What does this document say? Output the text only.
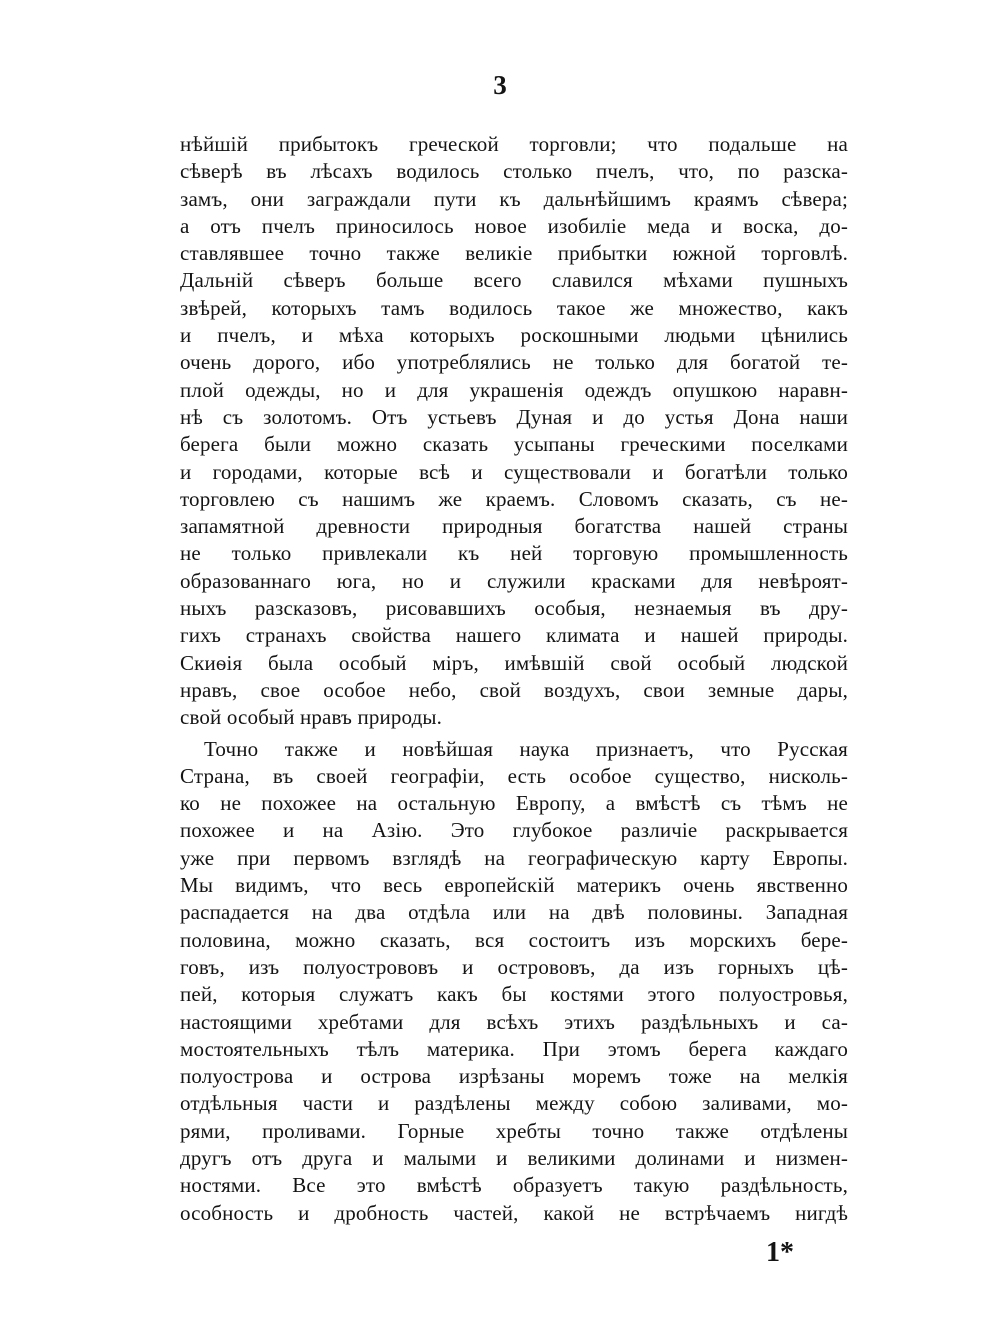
3
нѣйшій прибытокъ греческой торговли; что подальше на
сѣверѣ въ лѣсахъ водилось столько пчелъ, что, по разска-
замъ, они заграждали пути къ дальнѣйшимъ краямъ сѣвера;
а отъ пчелъ приносилось новое изобиліе меда и воска, до-
ставлявшее точно также великіе прибытки южной торговлѣ.
Дальній сѣверъ больше всего славился мѣхами пушныхъ
звѣрей, которыхъ тамъ водилось такое же множество, какъ
и пчелъ, и мѣха которыхъ роскошными людьми цѣнились
очень дорого, ибо употреблялись не только для богатой те-
плой одежды, но и для украшенія одеждъ опушкою наравн-
нѣ съ золотомъ. Отъ устьевъ Дуная и до устья Дона наши
берега были можно сказать усыпаны греческими поселками
и городами, которые всѣ и существовали и богатѣли только
торговлею съ нашимъ же краемъ. Словомъ сказать, съ не-
запамятной древности природныя богатства нашей страны
не только привлекали къ ней торговую промышленность
образованнаго юга, но и служили красками для невѣроят-
ныхъ разсказовъ, рисовавшихъ особыя, незнаемыя въ дру-
гихъ странахъ свойства нашего климата и нашей природы.
Скиѳія была особый міръ, имѣвшій свой особый людской
нравъ, свое особое небо, свой воздухъ, свои земные дары,
свой особый нравъ природы.
Точно также и новѣйшая наука признаетъ, что Русская
Страна, въ своей географіи, есть особое существо, нисколь-
ко не похожее на остальную Европу, а вмѣстѣ съ тѣмъ не
похожее и на Азію. Это глубокое различіе раскрывается
уже при первомъ взглядѣ на географическую карту Европы.
Мы видимъ, что весь европейскій материкъ очень явственно
распадается на два отдѣла или на двѣ половины. Западная
половина, можно сказать, вся состоитъ изъ морскихъ бере-
говъ, изъ полуострововъ и острововъ, да изъ горныхъ цѣ-
пей, которыя служатъ какъ бы костями этого полуостровья,
настоящими хребтами для всѣхъ этихъ раздѣльныхъ и са-
мостоятельныхъ тѣлъ материка. При этомъ берега каждаго
полуострова и острова изрѣзаны моремъ тоже на мелкія
отдѣльныя части и раздѣлены между собою заливами, мо-
рями, проливами. Горные хребты точно также отдѣлены
другъ отъ друга и малыми и великими долинами и низмен-
ностями. Все это вмѣстѣ образуетъ такую раздѣльность,
особность и дробность частей, какой не встрѣчаемъ нигдѣ
1*
